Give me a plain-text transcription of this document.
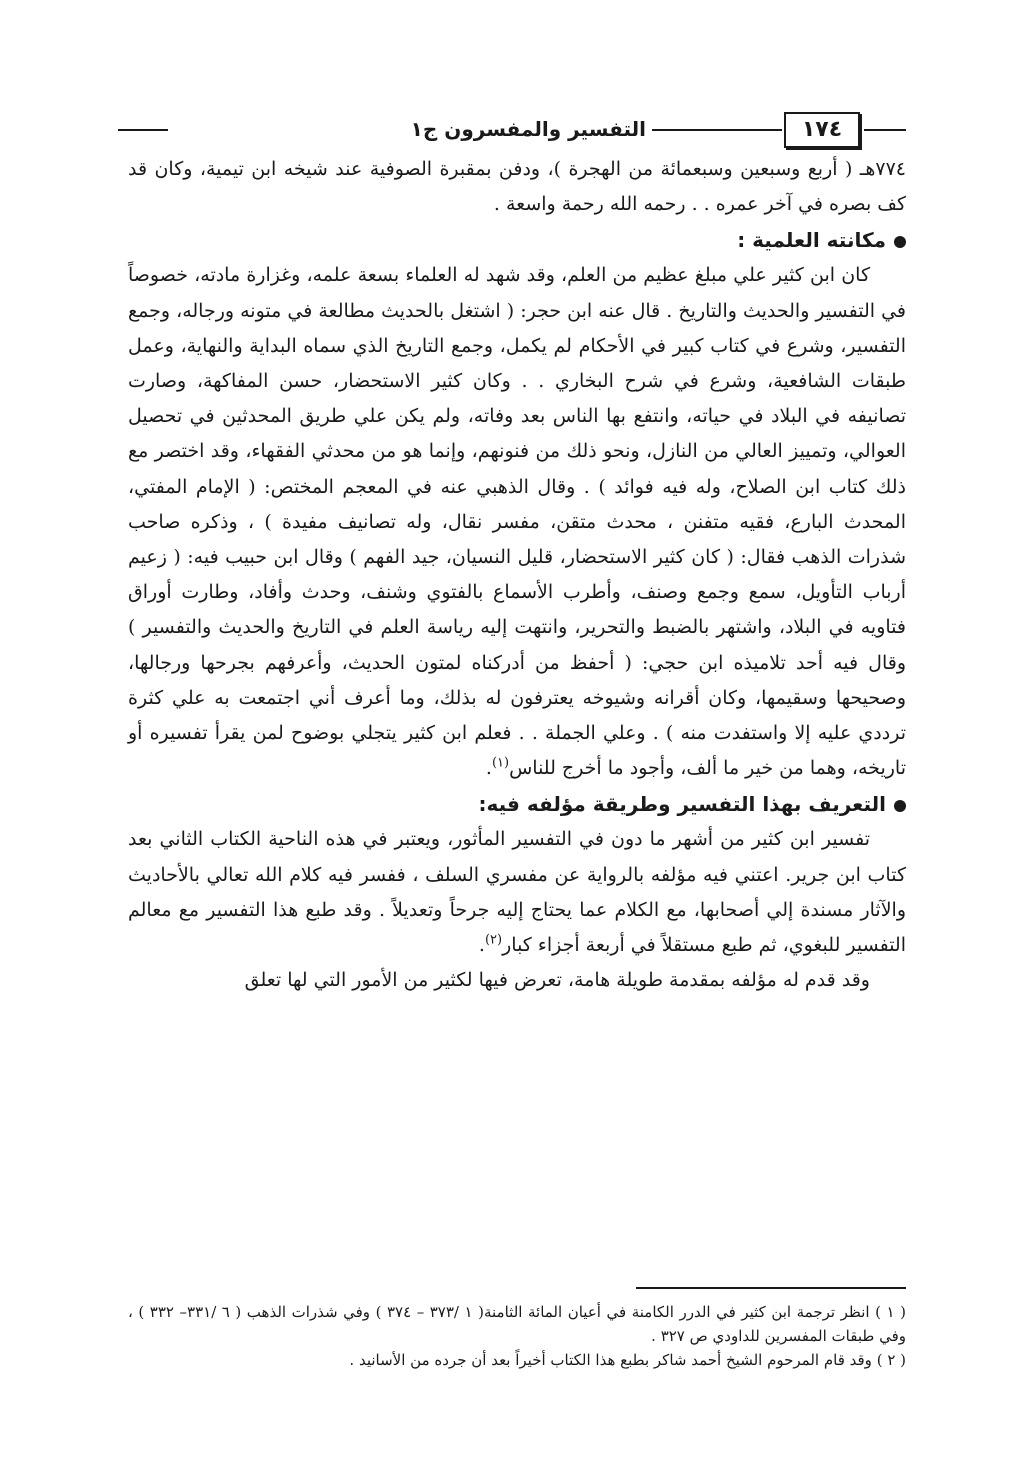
١٧٤
التفسير والمفسرون ج١

٧٧٤هـ ( أربع وسبعين وسبعمائة من الهجرة )، ودفن بمقبرة الصوفية عند شيخه ابن تيمية، وكان قد كف بصره في آخر عمره . . رحمه الله رحمة واسعة .

مكانته العلمية :

كان ابن كثير علي مبلغ عظيم من العلم، وقد شهد له العلماء بسعة علمه، وغزارة مادته، خصوصاً في التفسير والحديث والتاريخ . قال عنه ابن حجر: ( اشتغل بالحديث مطالعة في متونه ورجاله، وجمع التفسير، وشرع في كتاب كبير في الأحكام لم يكمل، وجمع التاريخ الذي سماه البداية والنهاية، وعمل طبقات الشافعية، وشرع في شرح البخاري . . وكان كثير الاستحضار، حسن المفاكهة، وصارت تصانيفه في البلاد في حياته، وانتفع بها الناس بعد وفاته، ولم يكن علي طريق المحدثين في تحصيل العوالي، وتمييز العالي من النازل، ونحو ذلك من فنونهم، وإنما هو من محدثي الفقهاء، وقد اختصر مع ذلك كتاب ابن الصلاح، وله فيه فوائد ) . وقال الذهبي عنه في المعجم المختص: ( الإمام المفتي، المحدث البارع، فقيه متفنن ، محدث متقن، مفسر نقال، وله تصانيف مفيدة ) ، وذكره صاحب شذرات الذهب فقال: ( كان كثير الاستحضار، قليل النسيان، جيد الفهم ) وقال ابن حبيب فيه: ( زعيم أرباب التأويل، سمع وجمع وصنف، وأطرب الأسماع بالفتوي وشنف، وحدث وأفاد، وطارت أوراق فتاويه في البلاد، واشتهر بالضبط والتحرير، وانتهت إليه رياسة العلم في التاريخ والحديث والتفسير ) وقال فيه أحد تلاميذه ابن حجي: ( أحفظ من أدركناه لمتون الحديث، وأعرفهم بجرحها ورجالها، وصحيحها وسقيمها، وكان أقرانه وشيوخه يعترفون له بذلك، وما أعرف أني اجتمعت به علي كثرة ترددي عليه إلا واستفدت منه ) . وعلي الجملة . . فعلم ابن كثير يتجلي بوضوح لمن يقرأ تفسيره أو تاريخه، وهما من خير ما ألف، وأجود ما أخرج للناس$^{(١)}$.

التعريف بهذا التفسير وطريقة مؤلفه فيه:

تفسير ابن كثير من أشهر ما دون في التفسير المأثور، ويعتبر في هذه الناحية الكتاب الثاني بعد كتاب ابن جرير. اعتني فيه مؤلفه بالرواية عن مفسري السلف ، ففسر فيه كلام الله تعالي بالأحاديث والآثار مسندة إلي أصحابها، مع الكلام عما يحتاج إليه جرحاً وتعديلاً . وقد طبع هذا التفسير مع معالم التفسير للبغوي، ثم طبع مستقلاً في أربعة أجزاء كبار$^{(٢)}$.

وقد قدم له مؤلفه بمقدمة طويلة هامة، تعرض فيها لكثير من الأمور التي لها تعلق

( ١ ) انظر ترجمة ابن كثير في الدرر الكامنة في أعيان المائة الثامنة( ١ /٣٧٣ – ٣٧٤ ) وفي شذرات الذهب ( ٦ /٣٣١– ٣٣٢ ) ، وفي طبقات المفسرين للداودي ص ٣٢٧ .

( ٢ ) وقد قام المرحوم الشيخ أحمد شاكر بطبع هذا الكتاب أخيراً بعد أن جرده من الأسانيد .
